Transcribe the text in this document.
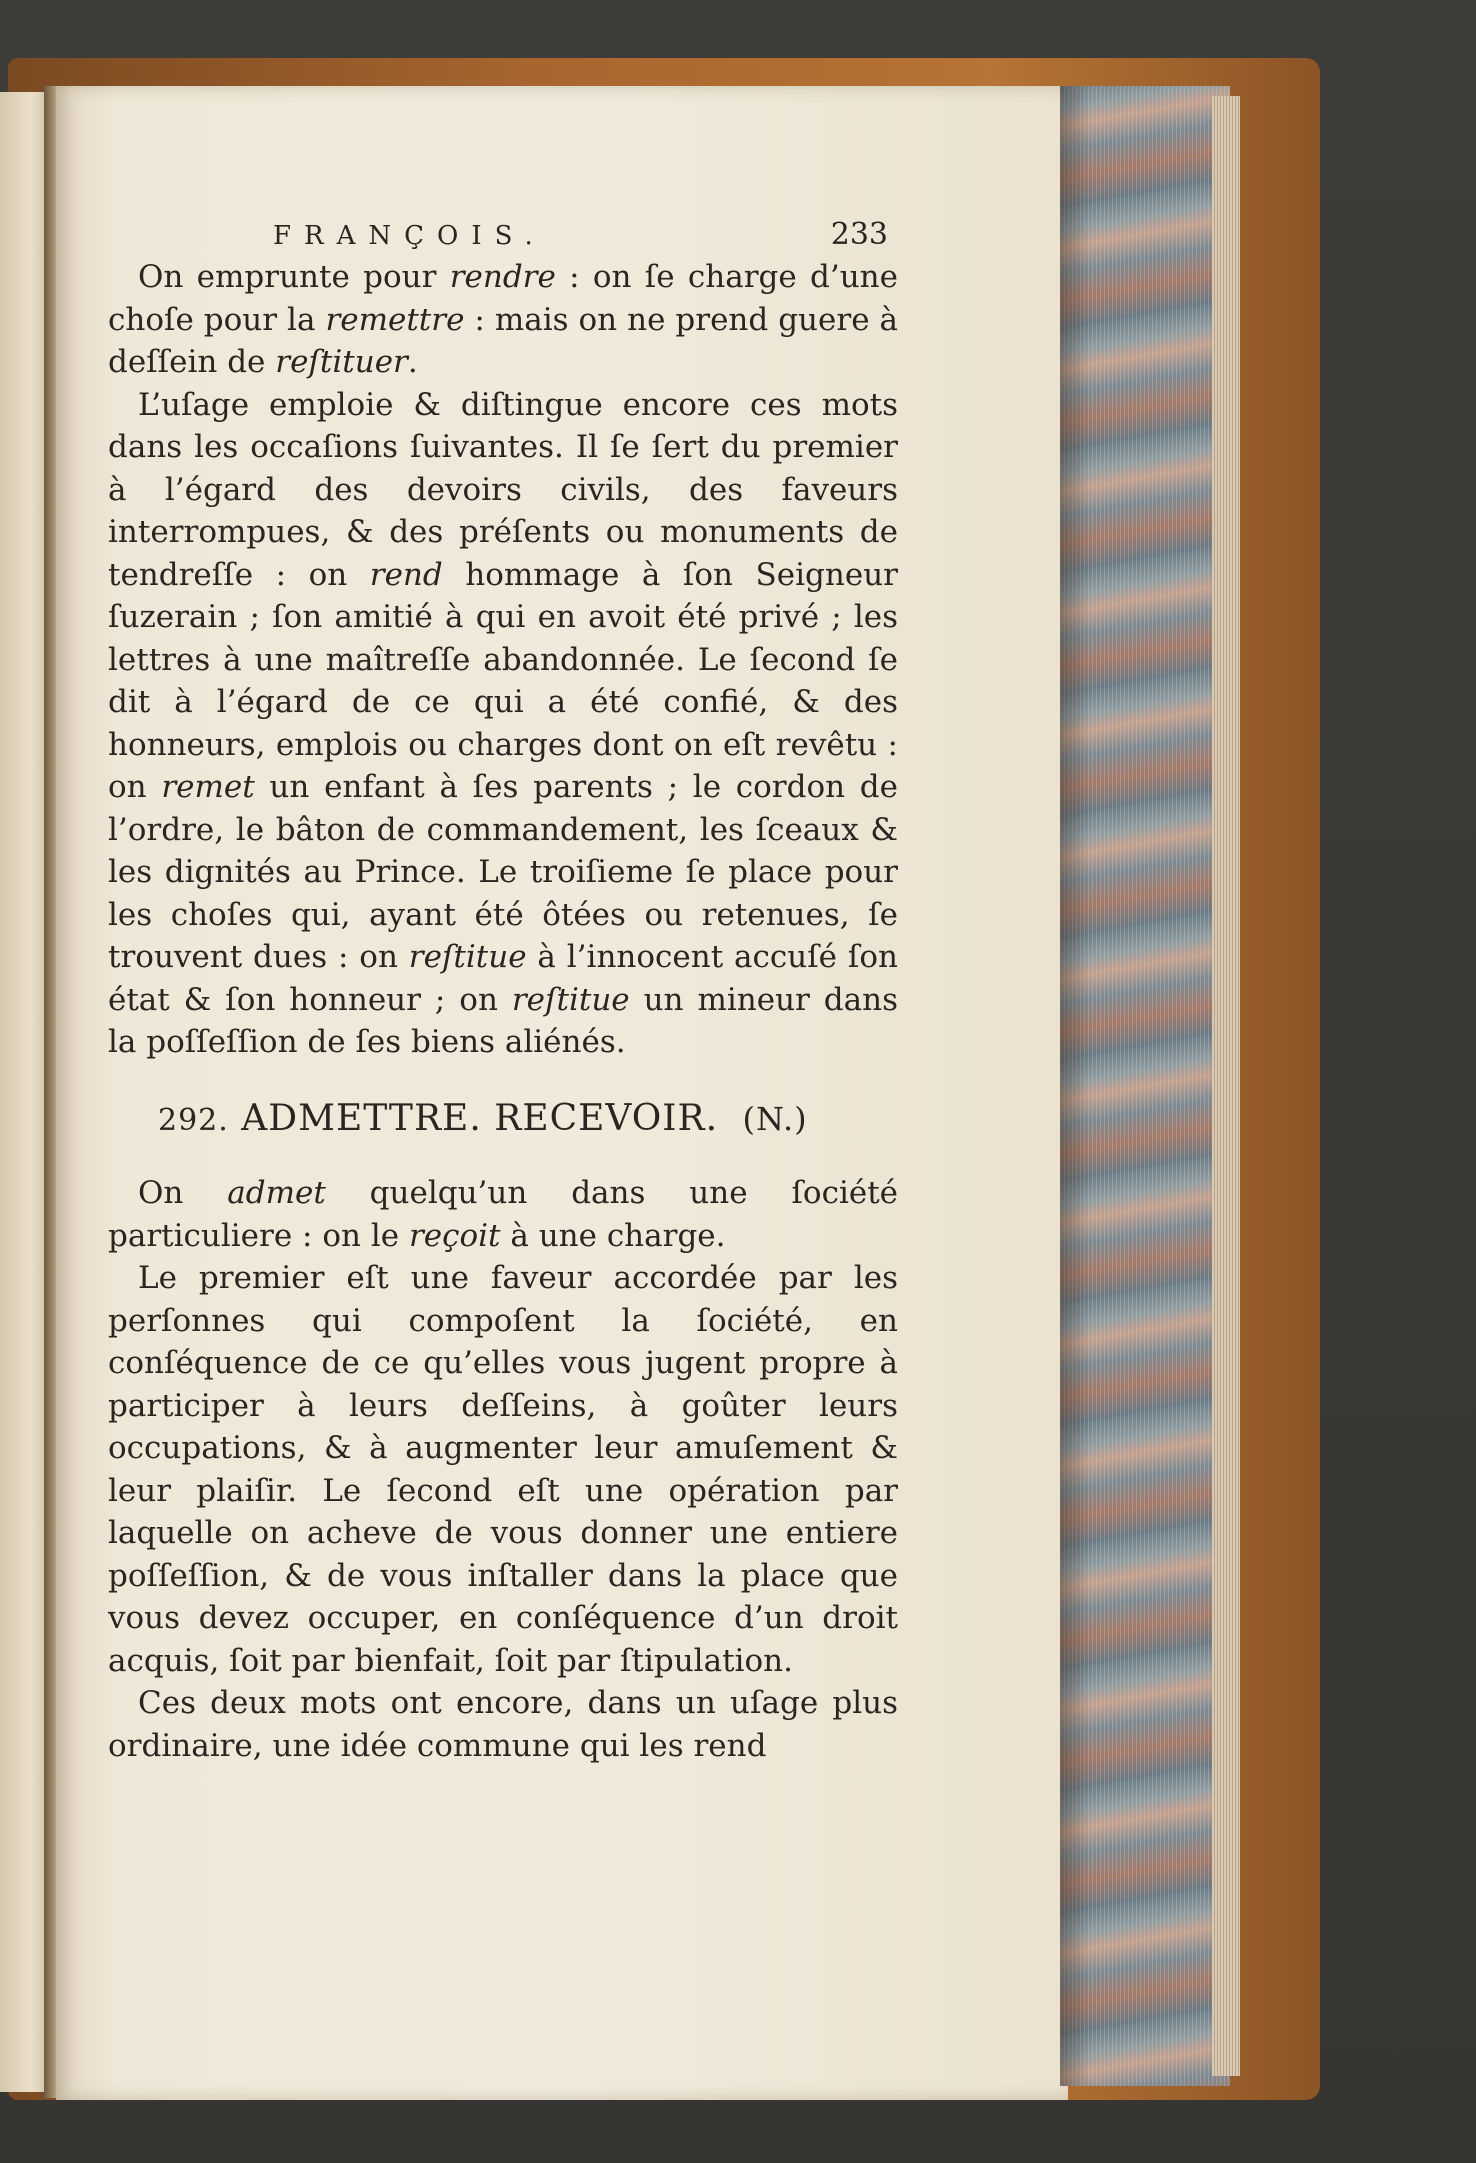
FRANÇOIS.	233

On emprunte pour rendre : on ſe charge d’une choſe pour la remettre : mais on ne prend guere à deſſein de reſtituer.

L’uſage emploie & diſtingue encore ces mots dans les occaſions ſuivantes. Il ſe ſert du premier à l’égard des devoirs civils, des faveurs interrompues, & des préſents ou monuments de tendreſſe : on rend hommage à ſon Seigneur ſuzerain ; ſon amitié à qui en avoit été privé ; les lettres à une maîtreſſe abandonnée. Le ſecond ſe dit à l’égard de ce qui a été confié, & des honneurs, emplois ou charges dont on eſt revêtu : on remet un enfant à ſes parents ; le cordon de l’ordre, le bâton de commandement, les ſceaux & les dignités au Prince. Le troiſieme ſe place pour les choſes qui, ayant été ôtées ou retenues, ſe trouvent dues : on reſtitue à l’innocent accuſé ſon état & ſon honneur ; on reſtitue un mineur dans la poſſeſſion de ſes biens aliénés.

292. ADMETTRE. RECEVOIR. (N.)

On admet quelqu’un dans une ſociété particuliere : on le reçoit à une charge.

Le premier eſt une faveur accordée par les perſonnes qui compoſent la ſociété, en conſéquence de ce qu’elles vous jugent propre à participer à leurs deſſeins, à goûter leurs occupations, & à augmenter leur amuſement & leur plaiſir. Le ſecond eſt une opération par laquelle on acheve de vous donner une entiere poſſeſſion, & de vous inſtaller dans la place que vous devez occuper, en conſéquence d’un droit acquis, ſoit par bienfait, ſoit par ſtipulation.

Ces deux mots ont encore, dans un uſage plus ordinaire, une idée commune qui les rend
